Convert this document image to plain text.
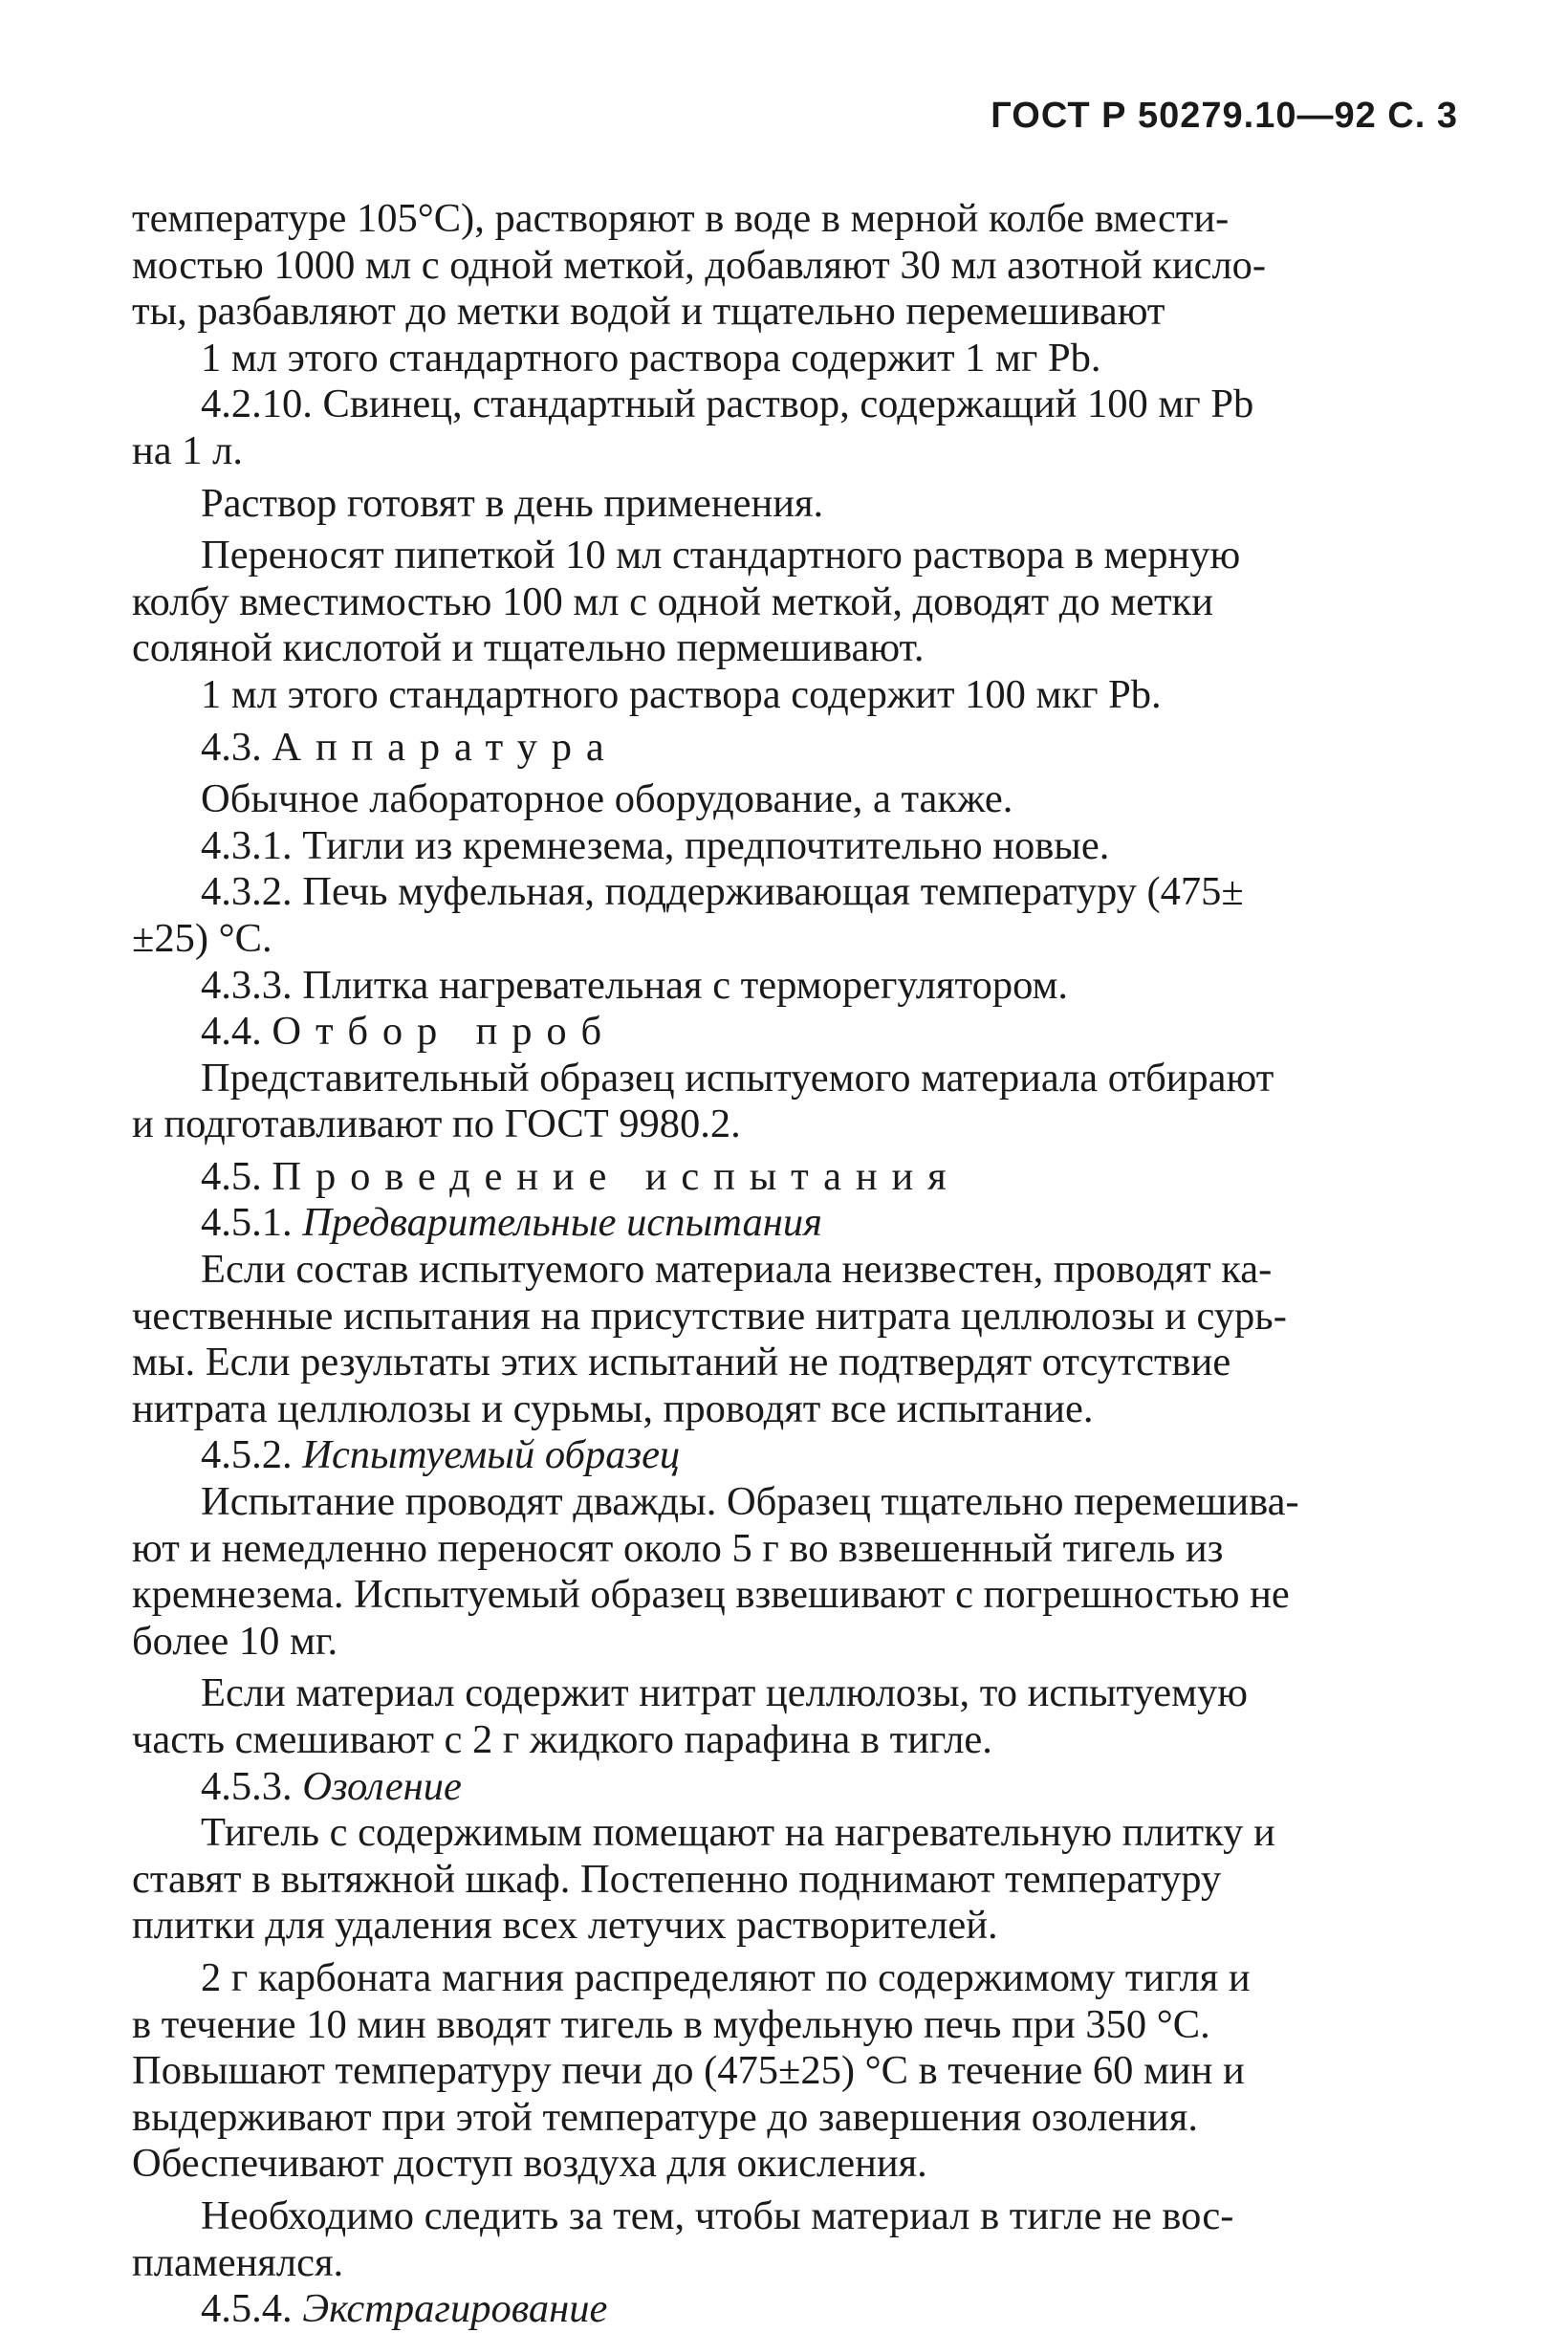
ГОСТ Р 50279.10—92 С. 3

температуре 105°С), растворяют в воде в мерной колбе вмести-

мостью 1000 мл с одной меткой, добавляют 30 мл азотной кисло-

ты, разбавляют до метки водой и тщательно перемешивают

1 мл этого стандартного раствора содержит 1 мг Pb.

4.2.10. Свинец, стандартный раствор, содержащий 100 мг Pb

на 1 л.

Раствор готовят в день применения.

Переносят пипеткой 10 мл стандартного раствора в мерную

колбу вместимостью 100 мл с одной меткой, доводят до метки

соляной кислотой и тщательно пермешивают.

1 мл этого стандартного раствора содержит 100 мкг Pb.

4.3. Аппаратура

Обычное лабораторное оборудование, а также.

4.3.1. Тигли из кремнезема, предпочтительно новые.

4.3.2. Печь муфельная, поддерживающая температуру (475±

±25) °С.

4.3.3. Плитка нагревательная с терморегулятором.

4.4. Отбор проб

Представительный образец испытуемого материала отбирают

и подготавливают по ГОСТ 9980.2.

4.5. Проведение испытания

4.5.1. Предварительные испытания

Если состав испытуемого материала неизвестен, проводят ка-

чественные испытания на присутствие нитрата целлюлозы и сурь-

мы. Если результаты этих испытаний не подтвердят отсутствие

нитрата целлюлозы и сурьмы, проводят все испытание.

4.5.2. Испытуемый образец

Испытание проводят дважды. Образец тщательно перемешива-

ют и немедленно переносят около 5 г во взвешенный тигель из

кремнезема. Испытуемый образец взвешивают с погрешностью не

более 10 мг.

Если материал содержит нитрат целлюлозы, то испытуемую

часть смешивают с 2 г жидкого парафина в тигле.

4.5.3. Озоление

Тигель с содержимым помещают на нагревательную плитку и

ставят в вытяжной шкаф. Постепенно поднимают температуру

плитки для удаления всех летучих растворителей.

2 г карбоната магния распределяют по содержимому тигля и

в течение 10 мин вводят тигель в муфельную печь при 350 °С.

Повышают температуру печи до (475±25) °С в течение 60 мин и

выдерживают при этой температуре до завершения озоления.

Обеспечивают доступ воздуха для окисления.

Необходимо следить за тем, чтобы материал в тигле не вос-

пламенялся.

4.5.4. Экстрагирование
